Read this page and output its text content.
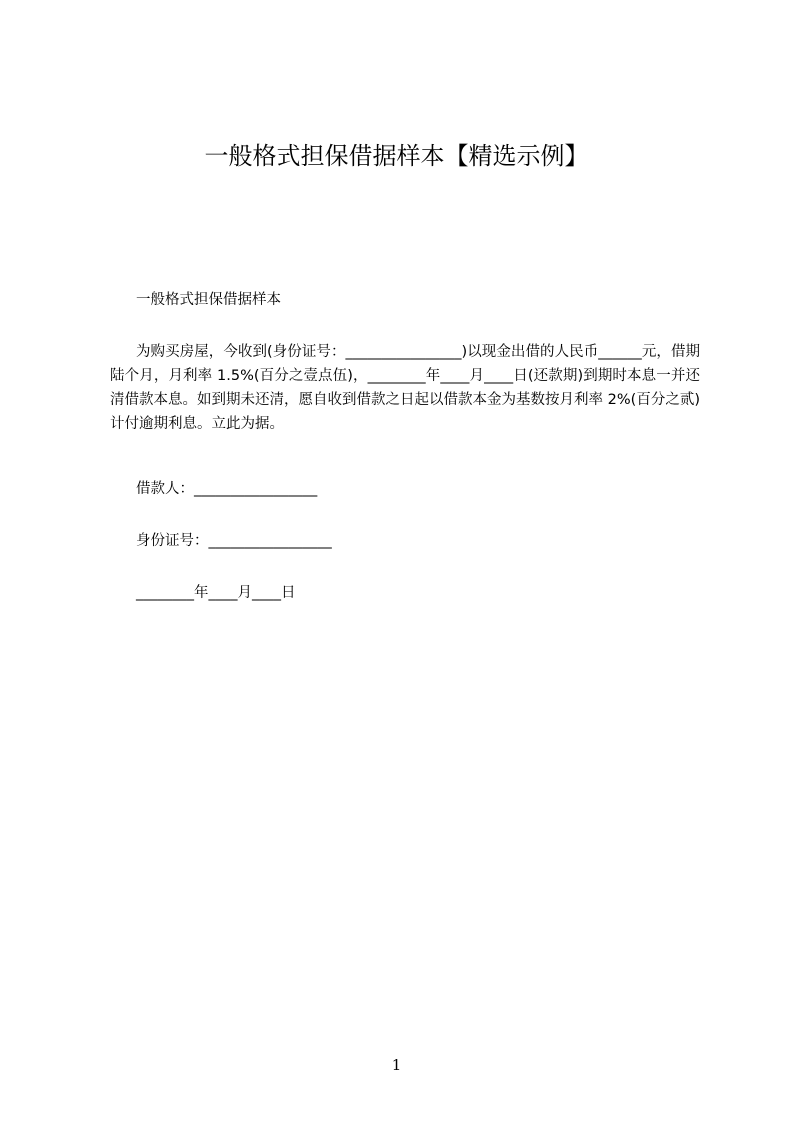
一般格式担保借据样本【精选示例】
一般格式担保借据样本
为购买房屋，今收到(身份证号：________________)以现金出借的人民币______元，借期陆个月，月利率 1.5%(百分之壹点伍)，________年____月____日(还款期)到期时本息一并还清借款本息。如到期未还清，愿自收到借款之日起以借款本金为基数按月利率 2%(百分之贰)计付逾期利息。立此为据。
借款人：_________________
身份证号：_________________
________年____月____日
1
